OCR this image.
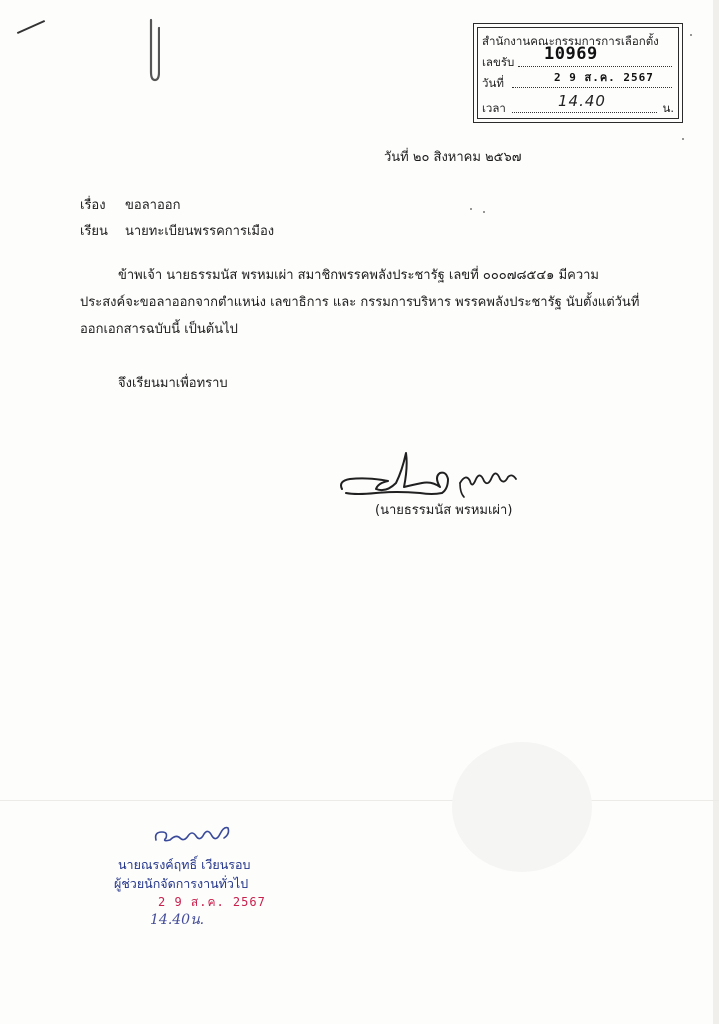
สำนักงานคณะกรรมการการเลือกตั้ง
เลขรับ 10969
วันที่	2 9 ส.ค. 2567
เวลา	14.40	น.
วันที่ ๒๐ สิงหาคม ๒๕๖๗
เรื่อง ขอลาออก
เรียน นายทะเบียนพรรคการเมือง
ข้าพเจ้า นายธรรมนัส พรหมเผ่า สมาชิกพรรคพลังประชารัฐ เลขที่ ๐๐๐๗๘๕๔๑ มีความประสงค์จะขอลาออกจากตำแหน่ง เลขาธิการ และ กรรมการบริหาร พรรคพลังประชารัฐ นับตั้งแต่วันที่ออกเอกสารฉบับนี้ เป็นต้นไป
จึงเรียนมาเพื่อทราบ
(นายธรรมนัส พรหมเผ่า)
นายณรงค์ฤทธิ์ เวียนรอบ
ผู้ช่วยนักจัดการงานทั่วไป
2 9 ส.ค. 2567
14.40น.
